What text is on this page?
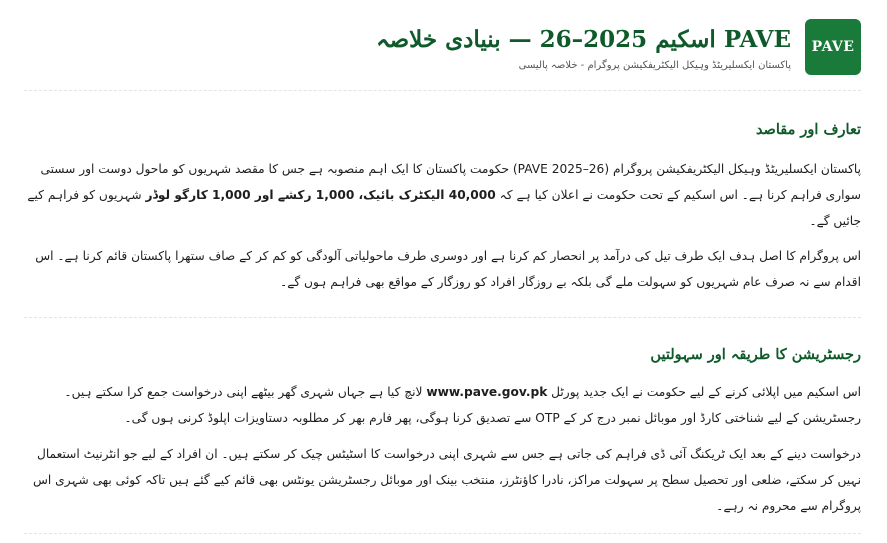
PAVE
PAVE اسکیم 2025–26 — بنیادی خلاصہ
پاکستان ایکسلیریٹڈ وہیکل الیکٹریفکیشن پروگرام - خلاصہ پالیسی
تعارف اور مقاصد

پاکستان ایکسلیریٹڈ وہیکل الیکٹریفکیشن پروگرام (PAVE 2025–26) حکومت پاکستان کا ایک اہم منصوبہ ہے جس کا مقصد شہریوں کو ماحول دوست اور سستی سواری فراہم کرنا ہے۔ اس اسکیم کے تحت حکومت نے اعلان کیا ہے کہ 40,000 الیکٹرک بائیک، 1,000 رکشے اور 1,000 کارگو لوڈر شہریوں کو فراہم کیے جائیں گے۔

اس پروگرام کا اصل ہدف ایک طرف تیل کی درآمد پر انحصار کم کرنا ہے اور دوسری طرف ماحولیاتی آلودگی کو کم کر کے صاف ستھرا پاکستان قائم کرنا ہے۔ اس اقدام سے نہ صرف عام شہریوں کو سہولت ملے گی بلکہ بے روزگار افراد کو روزگار کے مواقع بھی فراہم ہوں گے۔

رجسٹریشن کا طریقہ اور سہولتیں

اس اسکیم میں اپلائی کرنے کے لیے حکومت نے ایک جدید پورٹل www.pave.gov.pk لانچ کیا ہے جہاں شہری گھر بیٹھے اپنی درخواست جمع کرا سکتے ہیں۔ رجسٹریشن کے لیے شناختی کارڈ اور موبائل نمبر درج کر کے OTP سے تصدیق کرنا ہوگی، پھر فارم بھر کر مطلوبہ دستاویزات اپلوڈ کرنی ہوں گی۔

درخواست دینے کے بعد ایک ٹریکنگ آئی ڈی فراہم کی جاتی ہے جس سے شہری اپنی درخواست کا اسٹیٹس چیک کر سکتے ہیں۔ ان افراد کے لیے جو انٹرنیٹ استعمال نہیں کر سکتے، ضلعی اور تحصیل سطح پر سہولت مراکز، نادرا کاؤنٹرز، منتخب بینک اور موبائل رجسٹریشن یونٹس بھی قائم کیے گئے ہیں تاکہ کوئی بھی شہری اس پروگرام سے محروم نہ رہے۔
